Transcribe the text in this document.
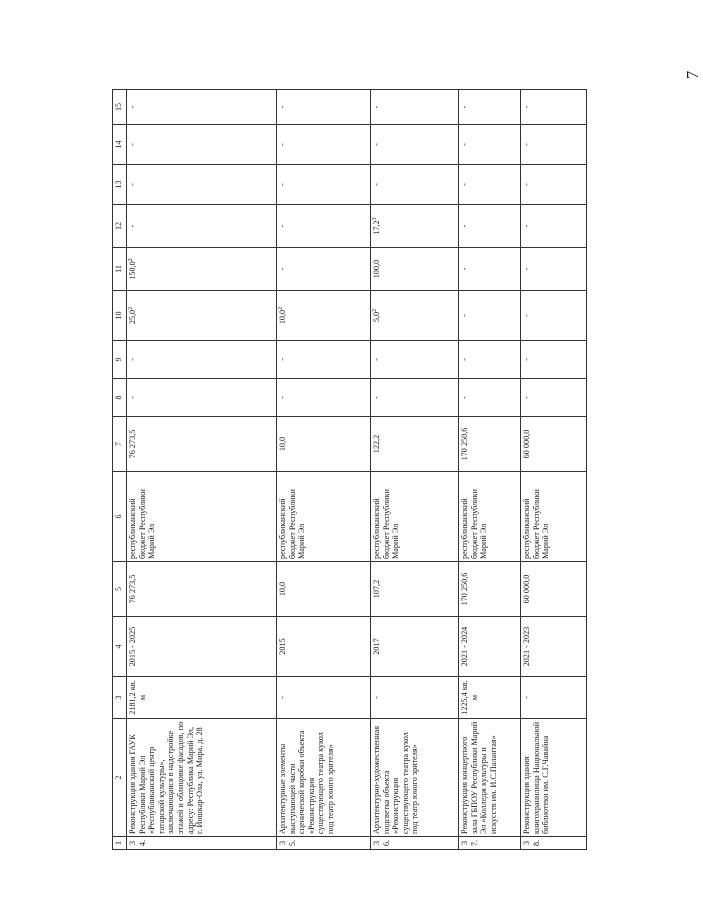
7
1	2	3	4	5	6	7	8	9	10	11	12	13	14	15
34.	Реконструкция здания ГАУК Республики Марий Эл «Республиканский центр татарской культуры», заключающаяся в надстройке этажей и облицовке фасадов, по адресу: Республика Марий Эл, г. Йошкар-Ола, ул. Мира, д. 28	2181,2 кв. м	2015 - 2025	76 273,5	республиканский бюджет Республики Марий Эл	76 273,5	-	-	25,0$^2$	150,0$^2$	-	-	-	-
35.	Архитектурные элементы выступающей части сценической коробки объекта «Реконструкция существующего театра кукол под театр юного зрителя»	-	2015	10,0	республиканский бюджет Республики Марий Эл	10,0	-	-	10,0$^2$	-	-	-	-	-
36.	Архитектурно-художественная подсветка объекта «Реконструкция существующего театра кукол под театр юного зрителя»	-	2017	107,2	республиканский бюджет Республики Марий Эл	122,2	-	-	$5,0^2$	100,0	17,2$^3$	-	-	-
37.	Реконструкция концертного зала ГБПОУ Республики Марий Эл «Колледж культуры и искусств им. И.С.Палантая»	1225,4 кв. м	2021 - 2024	170 250,6	республиканский бюджет Республики Марий Эл	170 250,6	-	-	-	-	-	-	-	-
38.	Реконструкция здания книгохранилища Национальной библиотеки им. С.Г.Чавайна	-	2021 - 2023	60 000,0	республиканский бюджет Республики Марий Эл	60 000,0	-	-	-	-	-	-	-	-
